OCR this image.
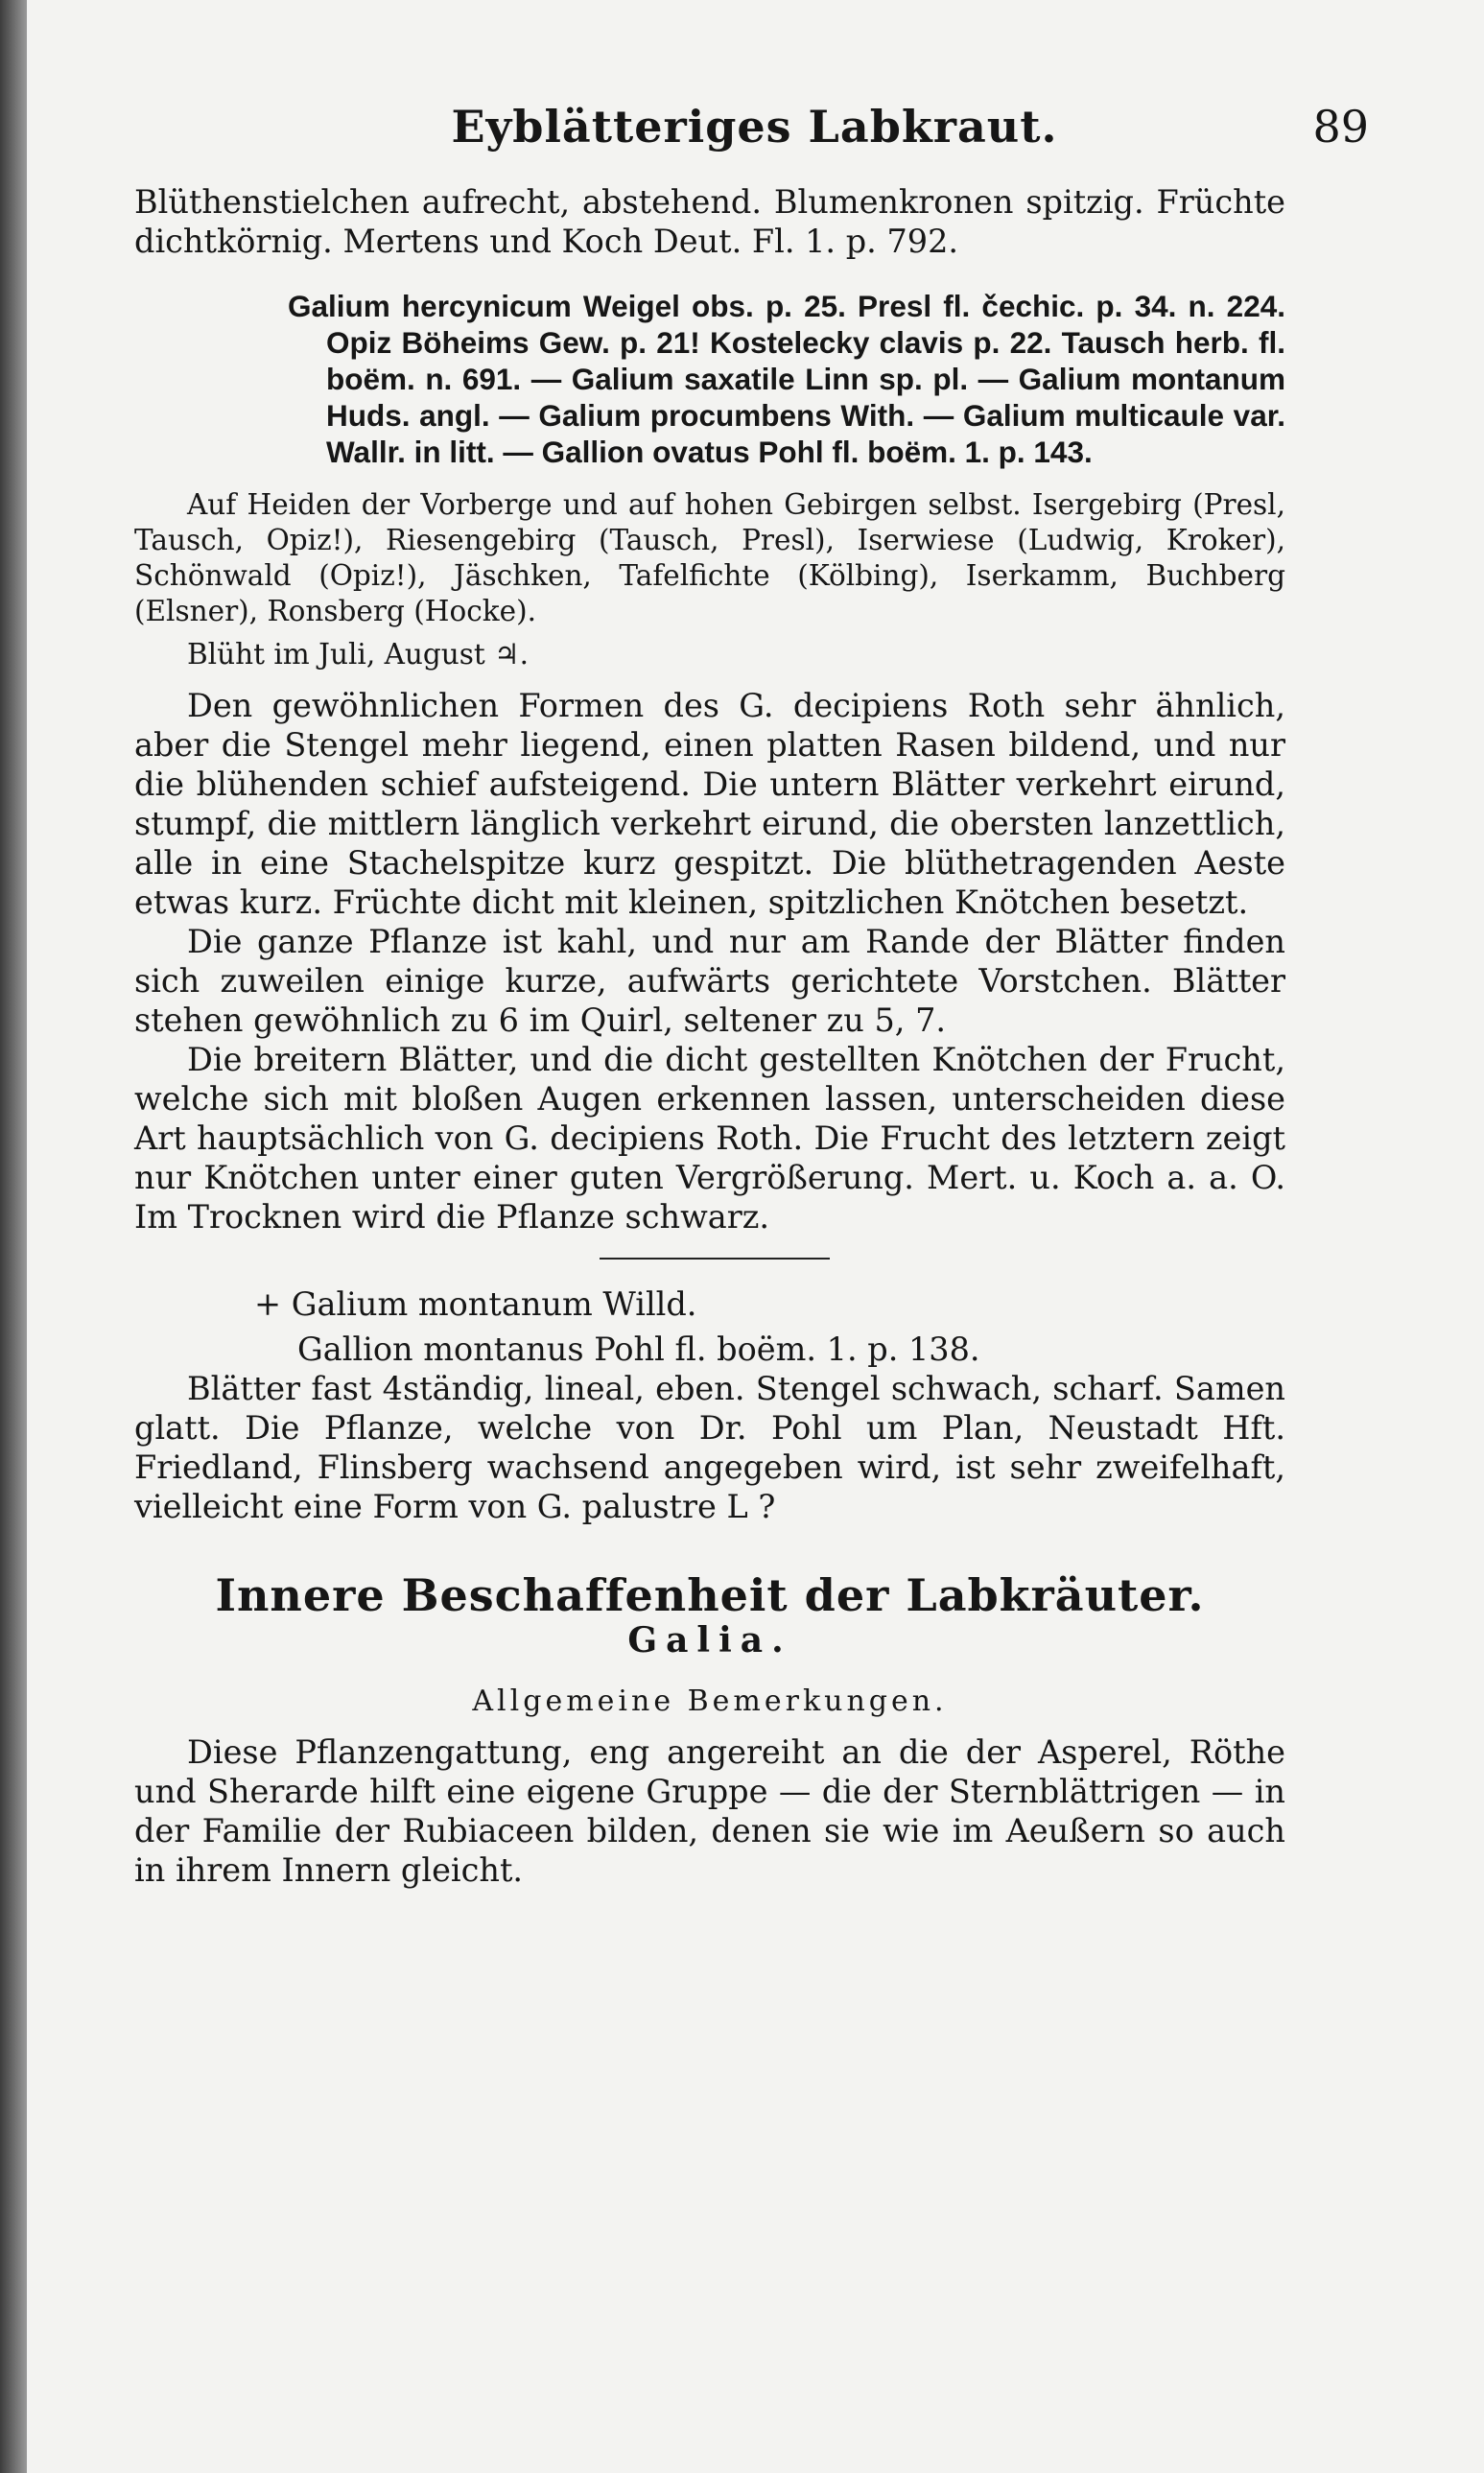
Eyblätteriges Labkraut.	89

Blüthenstielchen aufrecht, abstehend. Blumenkronen spitzig. Früchte dichtkörnig. Mertens und Koch Deut. Fl. 1. p. 792.

Galium hercynicum Weigel obs. p. 25. Presl fl. čechic. p. 34. n. 224. Opiz Böheims Gew. p. 21! Kostelecky clavis p. 22. Tausch herb. fl. boëm. n. 691. — Galium saxatile Linn sp. pl. — Galium montanum Huds. angl. — Galium procumbens With. — Galium multicaule var. Wallr. in litt. — Gallion ovatus Pohl fl. boëm. 1. p. 143.

Auf Heiden der Vorberge und auf hohen Gebirgen selbst. Isergebirg (Presl, Tausch, Opiz!), Riesengebirg (Tausch, Presl), Iserwiese (Ludwig, Kroker), Schönwald (Opiz!), Jäschken, Tafelfichte (Kölbing), Iserkamm, Buchberg (Elsner), Ronsberg (Hocke).

Blüht im Juli, August ♃.

Den gewöhnlichen Formen des G. decipiens Roth sehr ähnlich, aber die Stengel mehr liegend, einen platten Rasen bildend, und nur die blühenden schief aufsteigend. Die untern Blätter verkehrt eirund, stumpf, die mittlern länglich verkehrt eirund, die obersten lanzettlich, alle in eine Stachelspitze kurz gespitzt. Die blüthetragenden Aeste etwas kurz. Früchte dicht mit kleinen, spitzlichen Knötchen besetzt.

Die ganze Pflanze ist kahl, und nur am Rande der Blätter finden sich zuweilen einige kurze, aufwärts gerichtete Vorstchen. Blätter stehen gewöhnlich zu 6 im Quirl, seltener zu 5, 7.

Die breitern Blätter, und die dicht gestellten Knötchen der Frucht, welche sich mit bloßen Augen erkennen lassen, unterscheiden diese Art hauptsächlich von G. decipiens Roth. Die Frucht des letztern zeigt nur Knötchen unter einer guten Vergrößerung. Mert. u. Koch a. a. O. Im Trocknen wird die Pflanze schwarz.

+ Galium montanum Willd.

Gallion montanus Pohl fl. boëm. 1. p. 138.

Blätter fast 4ständig, lineal, eben. Stengel schwach, scharf. Samen glatt. Die Pflanze, welche von Dr. Pohl um Plan, Neustadt Hft. Friedland, Flinsberg wachsend angegeben wird, ist sehr zweifelhaft, vielleicht eine Form von G. palustre L ?

Innere Beschaffenheit der Labkräuter.
Galia.
Allgemeine Bemerkungen.

Diese Pflanzengattung, eng angereiht an die der Asperel, Röthe und Sherarde hilft eine eigene Gruppe — die der Sternblättrigen — in der Familie der Rubiaceen bilden, denen sie wie im Aeußern so auch in ihrem Innern gleicht.
